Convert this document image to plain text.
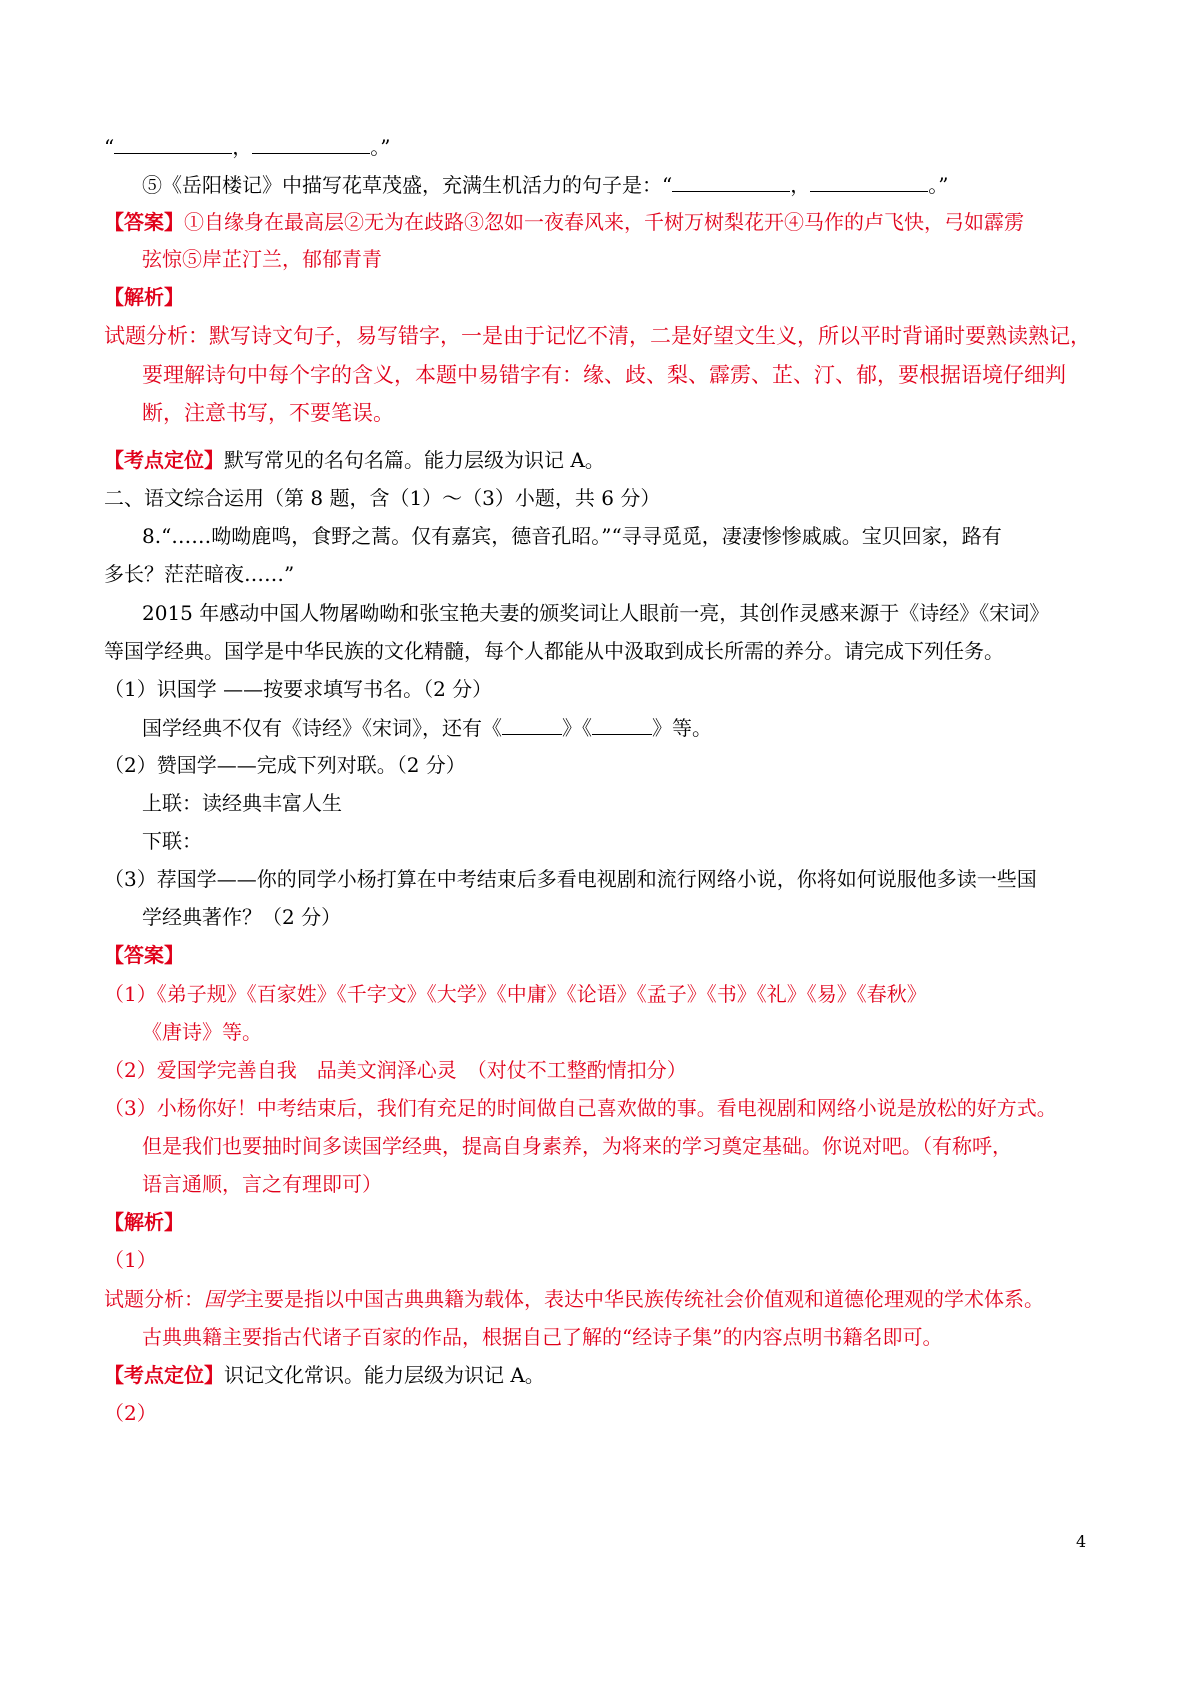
“	，	。”
⑤《岳阳楼记》中描写花草茂盛，充满生机活力的句子是：“	，	。”
【答案】①自缘身在最高层②无为在歧路③忽如一夜春风来，千树万树梨花开④马作的卢飞快，弓如霹雳
弦惊⑤岸芷汀兰，郁郁青青
【解析】
试题分析：默写诗文句子，易写错字，一是由于记忆不清，二是好望文生义，所以平时背诵时要熟读熟记，
要理解诗句中每个字的含义，本题中易错字有：缘、歧、梨、霹雳、芷、汀、郁，要根据语境仔细判
断，注意书写，不要笔误。
【考点定位】默写常见的名句名篇。能力层级为识记 A。
二、语文综合运用（第 8 题，含（1）～（3）小题，共 6 分）
8.“……呦呦鹿鸣，食野之蒿。仅有嘉宾，德音孔昭。”“寻寻觅觅，凄凄惨惨戚戚。宝贝回家，路有
多长？茫茫暗夜……”
2015 年感动中国人物屠呦呦和张宝艳夫妻的颁奖词让人眼前一亮，其创作灵感来源于《诗经》《宋词》
等国学经典。国学是中华民族的文化精髓，每个人都能从中汲取到成长所需的养分。请完成下列任务。
（1）识国学 ——按要求填写书名。（2 分）
国学经典不仅有《诗经》《宋词》，还有《	》《	》等。
（2）赞国学——完成下列对联。（2 分）
上联：读经典丰富人生
下联：
（3）荐国学——你的同学小杨打算在中考结束后多看电视剧和流行网络小说，你将如何说服他多读一些国
学经典著作？（2 分）
【答案】
（1）《弟子规》《百家姓》《千字文》《大学》《中庸》《论语》《孟子》《书》《礼》《易》《春秋》
《唐诗》等。
（2）爱国学完善自我　品美文润泽心灵　（对仗不工整酌情扣分）
（3）小杨你好！中考结束后，我们有充足的时间做自己喜欢做的事。看电视剧和网络小说是放松的好方式。
但是我们也要抽时间多读国学经典，提高自身素养，为将来的学习奠定基础。你说对吧。（有称呼，
语言通顺，言之有理即可）
【解析】
（1）
试题分析：国学主要是指以中国古典典籍为载体，表达中华民族传统社会价值观和道德伦理观的学术体系。
古典典籍主要指古代诸子百家的作品，根据自己了解的“经诗子集”的内容点明书籍名即可。
【考点定位】识记文化常识。能力层级为识记 A。
（2）
4
